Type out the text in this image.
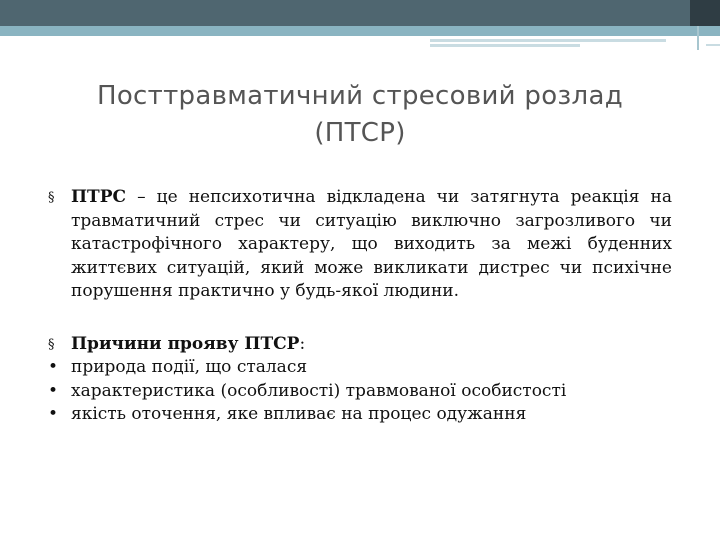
Посттравматичний стресовий розлад (ПТСР)
§ ПТРС – це непсихотична відкладена чи затягнута реакція на травматичний стрес чи ситуацію виключно загрозливого чи катастрофічного характеру, що виходить за межі буденних життєвих ситуацій, який може викликати дистрес чи психічне порушення практично у будь-якої людини.
§ Причини прояву ПТСР:
• природа події, що сталася
• характеристика (особливості) травмованої особистості
• якість оточення, яке впливає на процес одужання
